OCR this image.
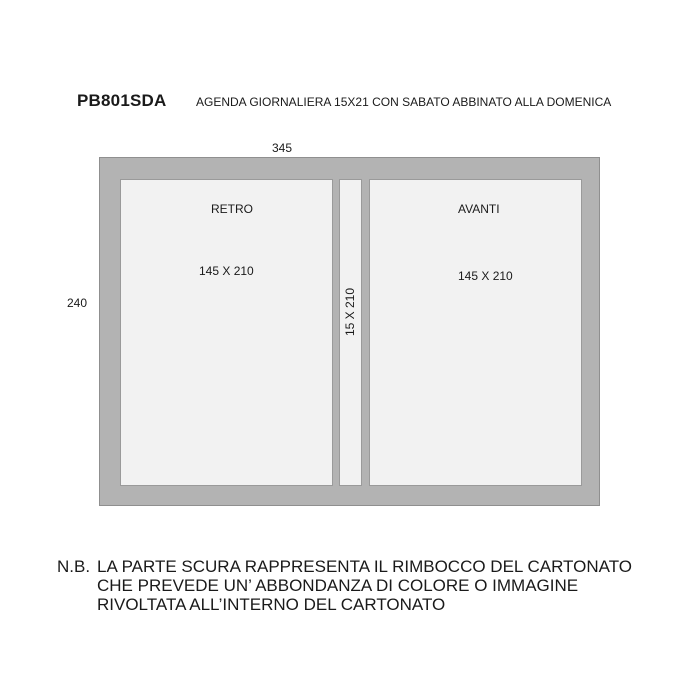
PB801SDA AGENDA GIORNALIERA 15X21 CON SABATO ABBINATO ALLA DOMENICA
345
240
RETRO
145 X 210
15 X 210
AVANTI
145 X 210
N.B. LA PARTE SCURA RAPPRESENTA IL RIMBOCCO DEL CARTONATO
CHE PREVEDE UN’ ABBONDANZA DI COLORE O IMMAGINE
RIVOLTATA ALL’INTERNO DEL CARTONATO
